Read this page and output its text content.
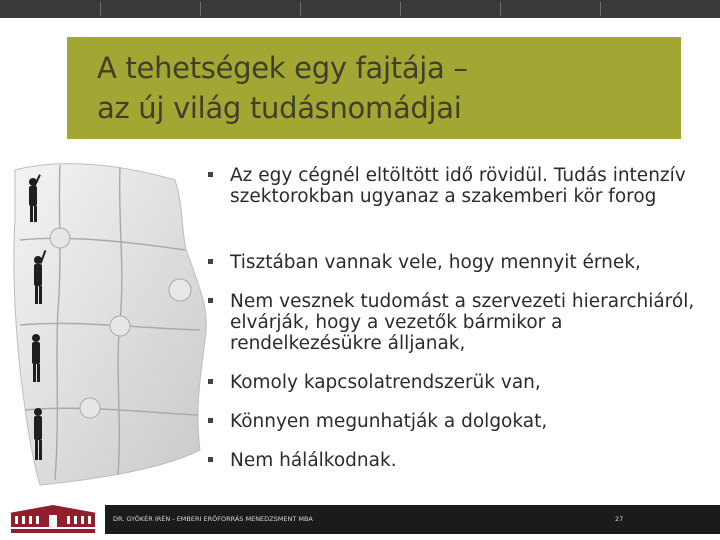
A tehetségek egy fajtája –
az új világ tudásnomádjai
Az egy cégnél eltöltött idő rövidül. Tudás intenzív szektorokban ugyanaz a szakemberi kör forog
Tisztában vannak vele, hogy mennyit érnek,
Nem vesznek tudomást a szervezeti hierarchiáról, elvárják, hogy a vezetők bármikor a rendelkezésükre álljanak,
Komoly kapcsolatrendszerük van,
Könnyen megunhatják a dolgokat,
Nem hálálkodnak.
DR. GYÖKÉR IRÉN - EMBERI ERŐFORRÁS MENEDZSMENT MBA	27
